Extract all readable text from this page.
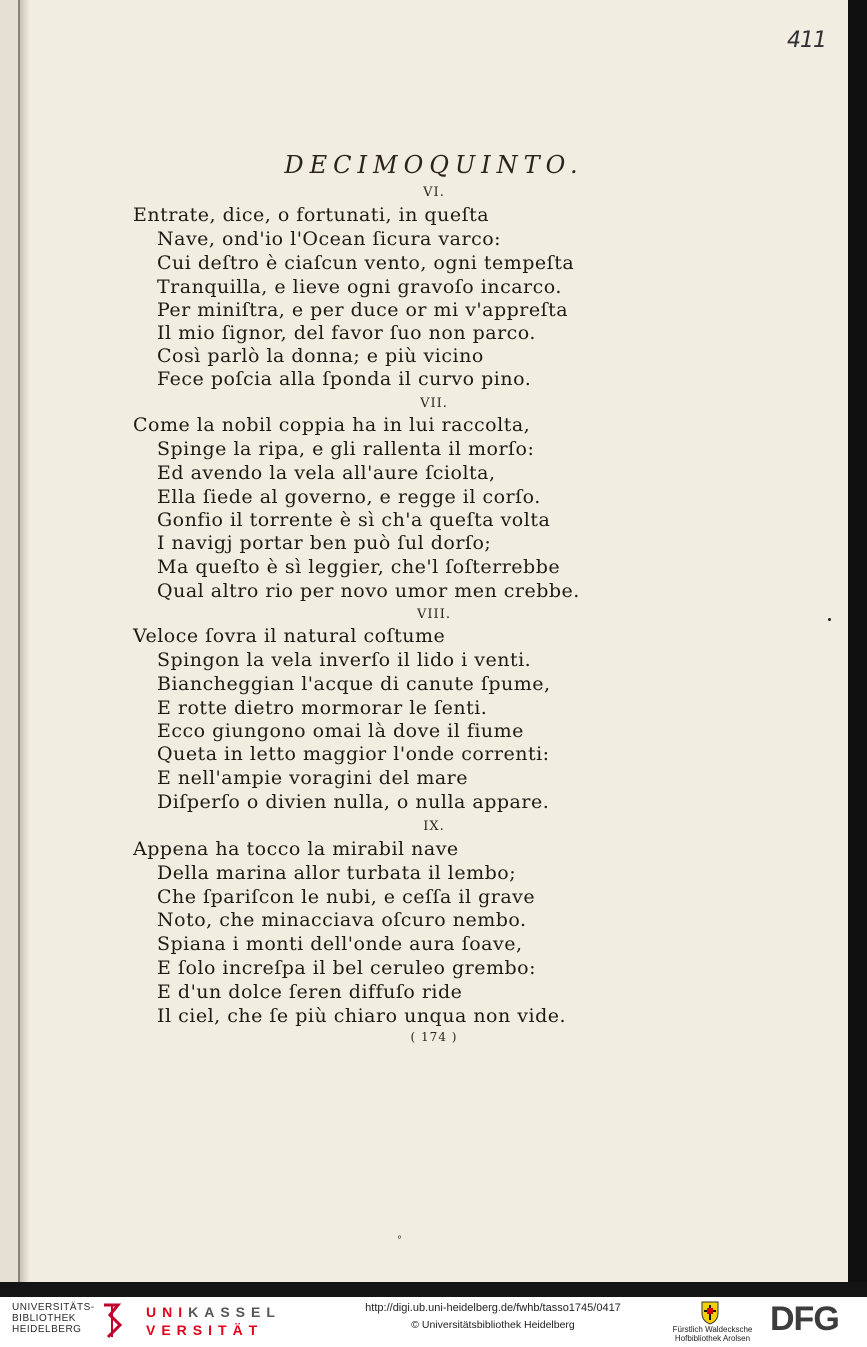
411
DECIMOQUINTO.
VI.
Entrate, dice, o fortunati, in queſta
Nave, ond'io l'Ocean ſicura varco:
Cui deſtro è ciaſcun vento, ogni tempeſta
Tranquilla, e lieve ogni gravoſo incarco.
Per miniſtra, e per duce or mi v'appreſta
Il mio ſignor, del favor ſuo non parco.
Così parlò la donna; e più vicino
Fece poſcia alla ſponda il curvo pino.
VII.
Come la nobil coppia ha in lui raccolta,
Spinge la ripa, e gli rallenta il morſo:
Ed avendo la vela all'aure ſciolta,
Ella ſiede al governo, e regge il corſo.
Gonfio il torrente è sì ch'a queſta volta
I navigj portar ben può ſul dorſo;
Ma queſto è sì leggier, che'l ſoſterrebbe
Qual altro rio per novo umor men crebbe.
VIII.
Veloce ſovra il natural coſtume
Spingon la vela inverſo il lido i venti.
Biancheggian l'acque di canute ſpume,
E rotte dietro mormorar le ſenti.
Ecco giungono omai là dove il fiume
Queta in letto maggior l'onde correnti:
E nell'ampie voragini del mare
Diſperſo o divien nulla, o nulla appare.
IX.
Appena ha tocco la mirabil nave
Della marina allor turbata il lembo;
Che ſpariſcon le nubi, e ceſſa il grave
Noto, che minacciava oſcuro nembo.
Spiana i monti dell'onde aura ſoave,
E ſolo increſpa il bel ceruleo grembo:
E d'un dolce ſeren diffuſo ride
Il ciel, che ſe più chiaro unqua non vide.
( 174 )
°
UNIVERSITÄTS-
BIBLIOTHEK
HEIDELBERG
UNIKASSEL
VERSITÄT
http://digi.ub.uni-heidelberg.de/fwhb/tasso1745/0417
© Universitätsbibliothek Heidelberg	Fürstlich Waldecksche
Hofbibliothek Arolsen DFG
